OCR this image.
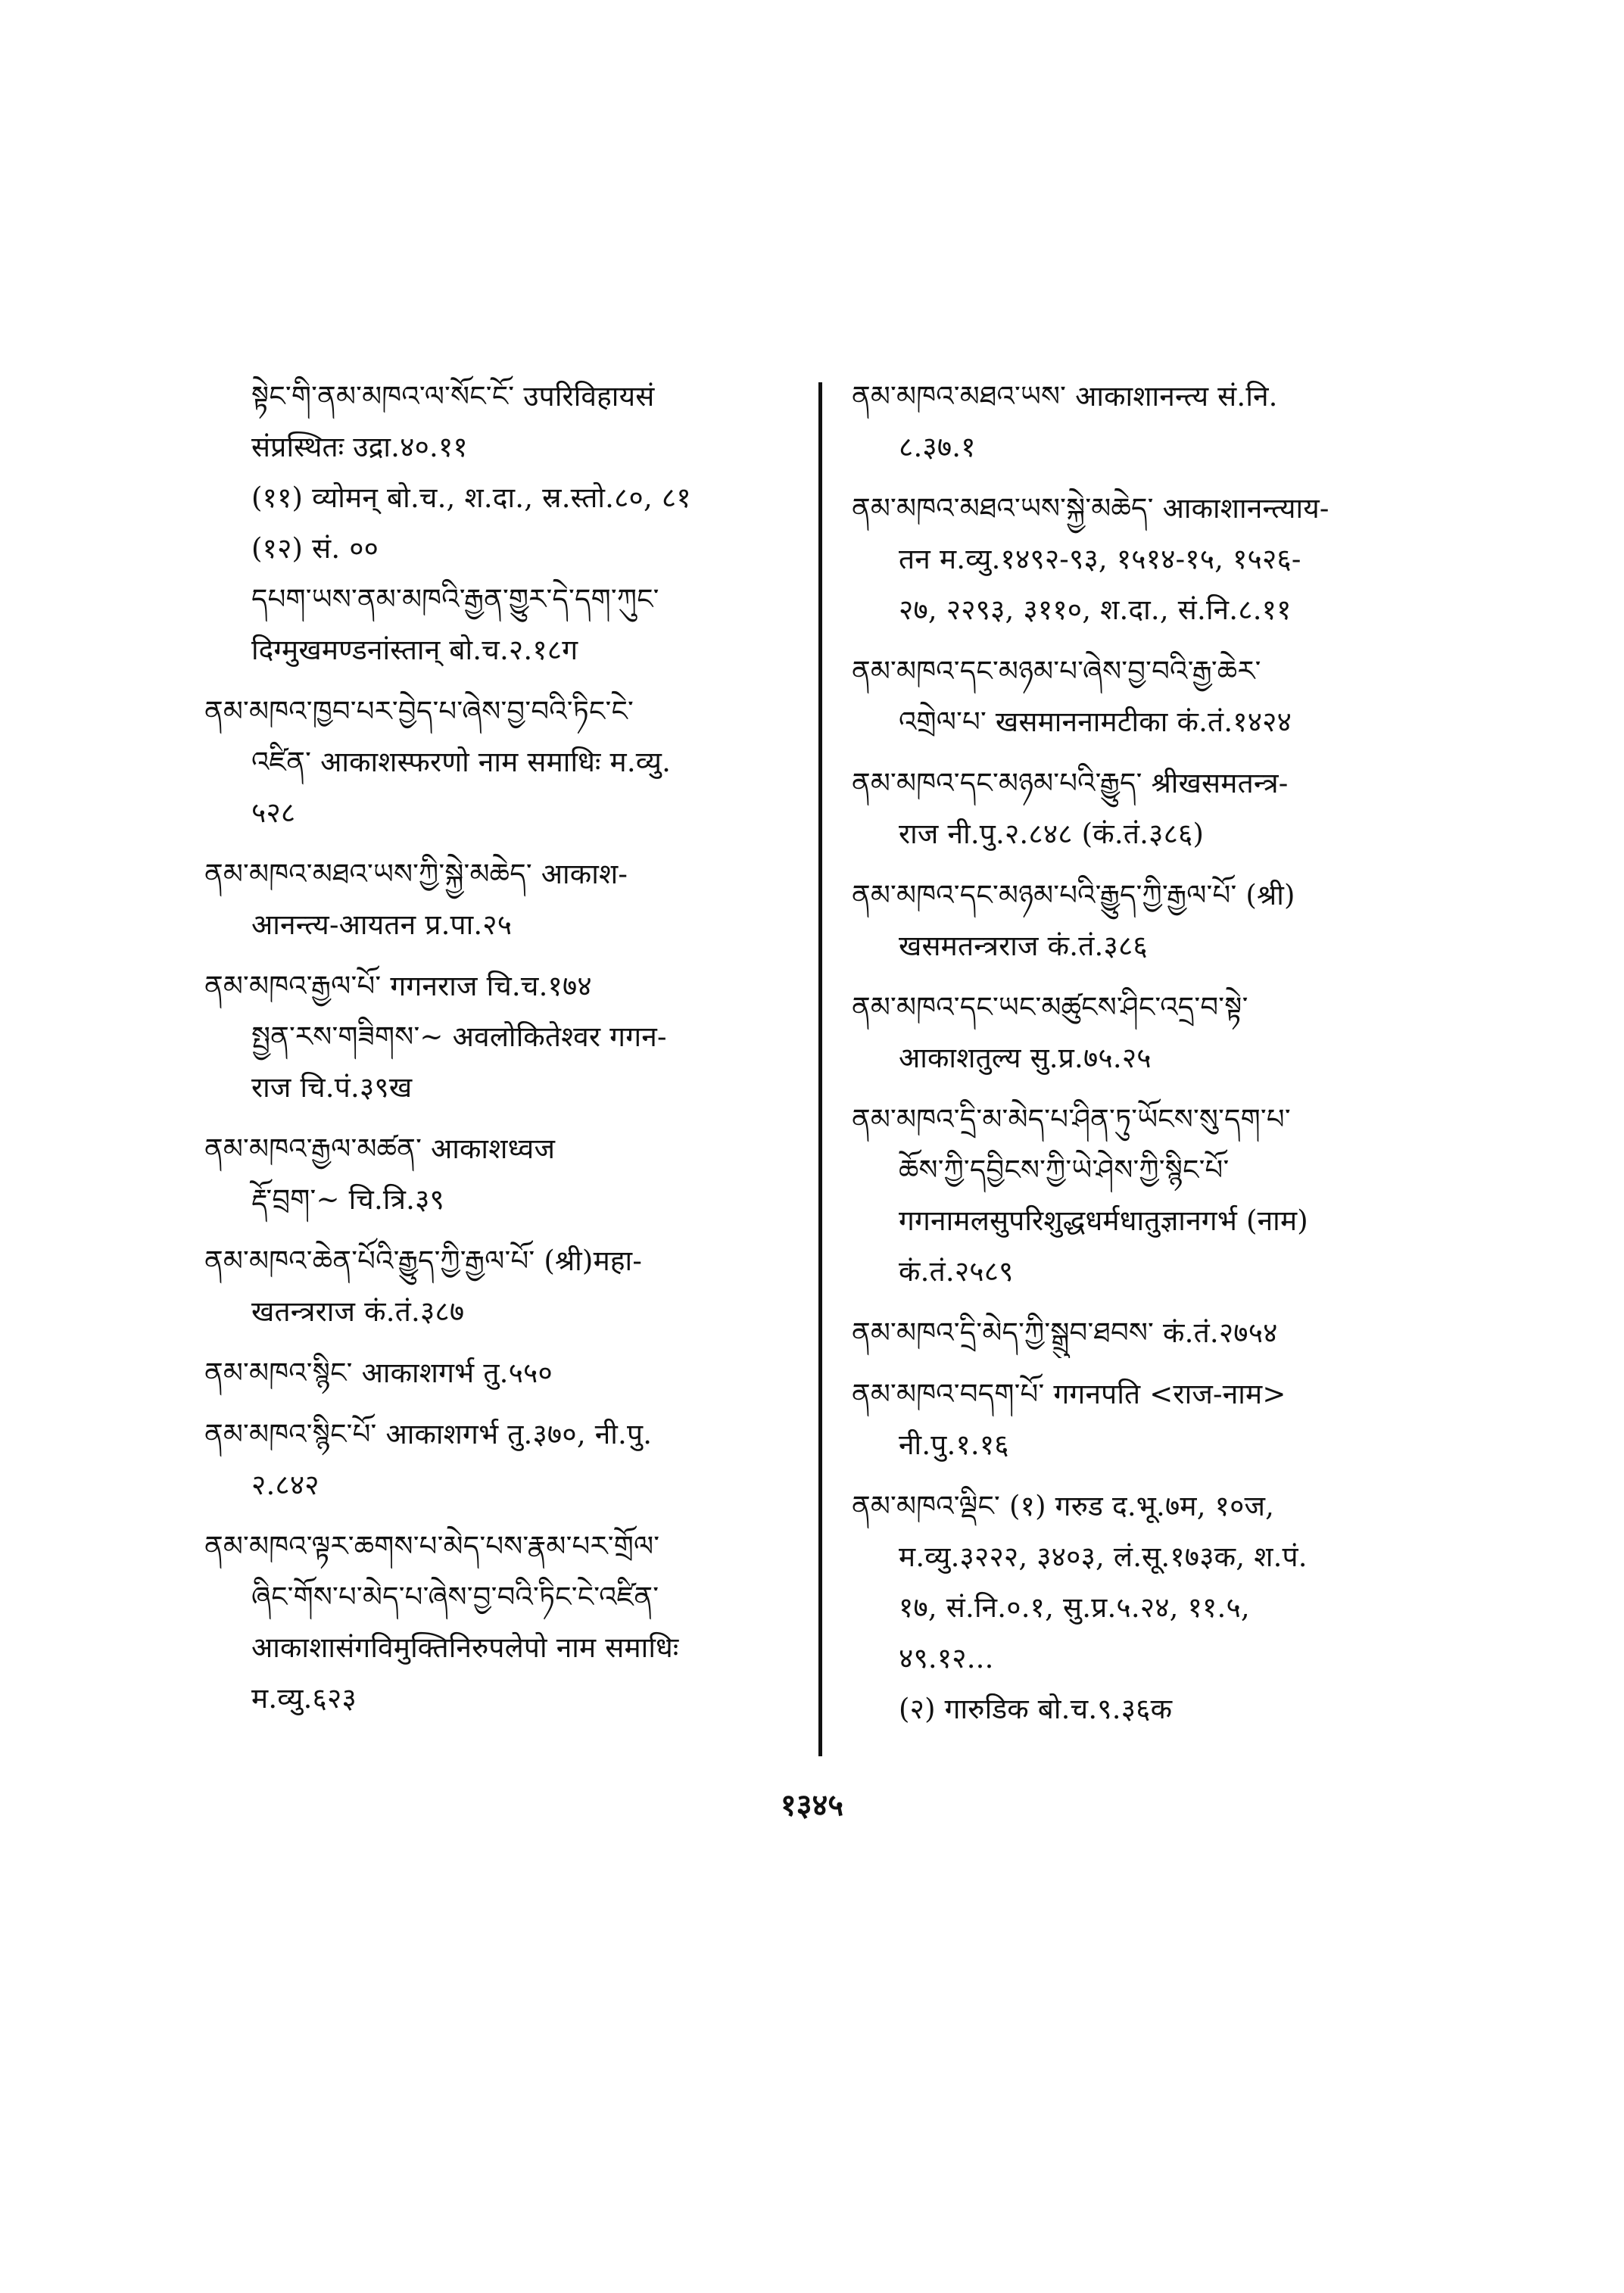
སྟེང་གི་ནམ་མཁའ་ལ་སོང་ངོ་ उपरिविहायसं
संप्रस्थितः उद्रा.४०.११
(११) व्योमन् बो.च., श.दा., स्र.स्तो.८०, ८१
(१२) सं. ००
དཔག་ཡས་ནམ་མཁའི་རྒྱན་གྱུར་དེ་དག་ཀུང་
दिग्मुखमण्डनांस्तान् बो.च.२.१८ग
ནམ་མཁའ་ཁྱབ་པར་བྱེད་པ་ཞེས་བྱ་བའི་ཏིང་ངེ་
འཛིན་ आकाशस्फरणो नाम समाधिः म.व्यु.
५२८
ནམ་མཁའ་མཐའ་ཡས་ཀྱི་སྐྱེ་མཆེད་ आकाश-
आनन्त्य-आयतन प्र.पा.२५
ནམ་མཁའ་རྒྱལ་པོ་ गगनराज चि.च.१७४
སྤྱན་རས་གཟིགས་~ अवलोकितेश्वर गगन-
राज चि.पं.३९ख
ནམ་མཁའ་རྒྱལ་མཚན་ आकाशध्वज
རྡོ་བྲག་~ चि.त्रि.३९
ནམ་མཁའ་ཆེན་པོའི་རྒྱུད་ཀྱི་རྒྱལ་པོ་ (श्री)महा-
खतन्त्रराज कं.तं.३८७
ནམ་མཁའ་སྙིང་ आकाशगर्भ तु.५५०
ནམ་མཁའ་སྙིང་པོ་ आकाशगर्भ तु.३७०, नी.पु.
२.८४२
ནམ་མཁའ་ལྟར་ཆགས་པ་མེད་པས་རྣམ་པར་གྲོལ་
ཞིང་གོས་པ་མེད་པ་ཞེས་བྱ་བའི་ཏིང་ངེ་འཛིན་
आकाशासंगविमुक्तिनिरुपलेपो नाम समाधिः
म.व्यु.६२३
ནམ་མཁའ་མཐའ་ཡས་ आकाशानन्त्य सं.नि.
८.३७.१
ནམ་མཁའ་མཐའ་ཡས་སྐྱེ་མཆེད་ आकाशानन्त्याय-
तन म.व्यु.१४९२-९३, १५१४-१५, १५२६-
२७, २२९३, ३११०, श.दा., सं.नि.८.११
ནམ་མཁའ་དང་མཉམ་པ་ཞེས་བྱ་བའི་རྒྱ་ཆེར་
འགྲེལ་པ་ खसमाननामटीका कं.तं.१४२४
ནམ་མཁའ་དང་མཉམ་པའི་རྒྱུད་ श्रीखसमतन्त्र-
राज नी.पु.२.८४८ (कं.तं.३८६)
ནམ་མཁའ་དང་མཉམ་པའི་རྒྱུད་ཀྱི་རྒྱལ་པོ་ (श्री)
खसमतन्त्रराज कं.तं.३८६
ནམ་མཁའ་དང་ཡང་མཚུངས་ཤིང་འདྲ་བ་སྟེ་
आकाशतुल्य सु.प्र.७५.२५
ནམ་མཁའ་དྲི་མ་མེད་པ་ཤིན་ཏུ་ཡོངས་སུ་དག་པ་
ཆོས་ཀྱི་དབྱིངས་ཀྱི་ཡེ་ཤེས་ཀྱི་སྙིང་པོ་
गगनामलसुपरिशुद्धधर्मधातुज्ञानगर्भ (नाम)
कं.तं.२५८९
ནམ་མཁའ་དྲི་མེད་ཀྱི་སྒྲུབ་ཐབས་ कं.तं.२७५४
ནམ་མཁའ་བདག་པོ་ गगनपति <राज-नाम>
नी.पु.१.१६
ནམ་མཁའ་ལྡིང་ (१) गरुड द.भू.७म, १०ज,
म.व्यु.३२२२, ३४०३, लं.सू.१७३क, श.पं.
१७, सं.नि.०.१, सु.प्र.५.२४, ११.५,
४९.१२...
(२) गारुडिक बो.च.९.३६क
१३४५
